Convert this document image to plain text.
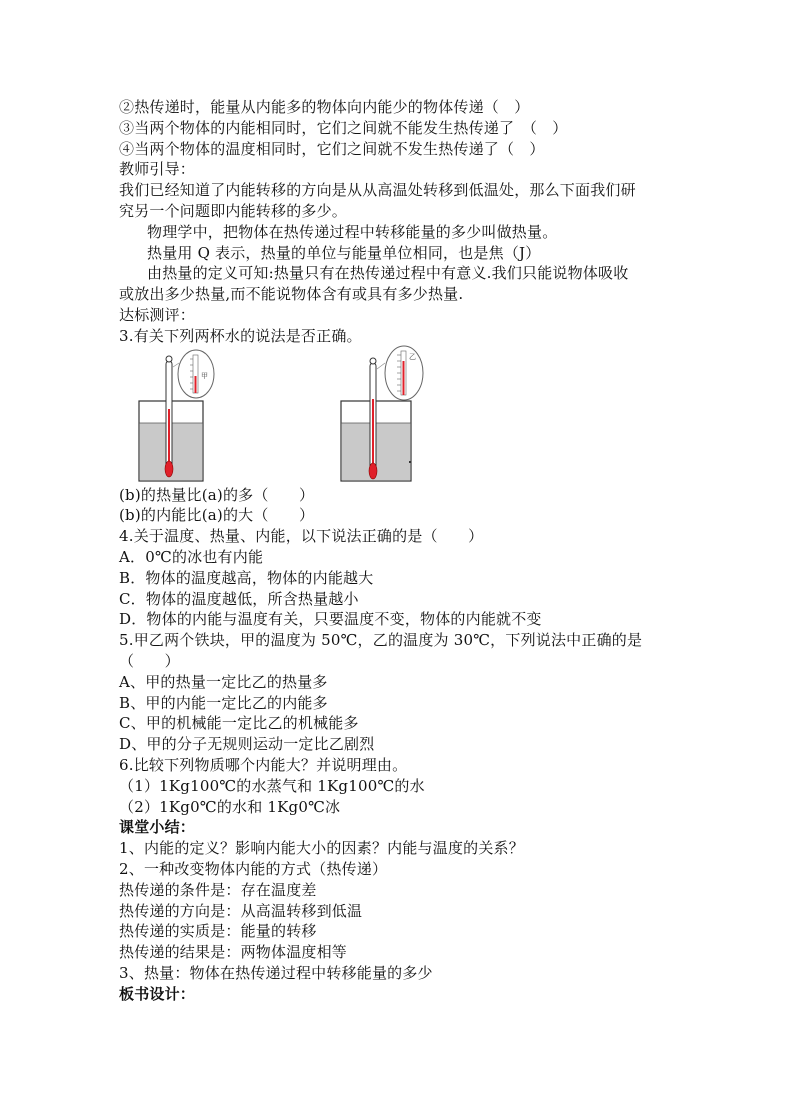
②热传递时，能量从内能多的物体向内能少的物体传递（　）
③当两个物体的内能相同时，它们之间就不能发生热传递了　（　）
④当两个物体的温度相同时，它们之间就不发生热传递了（　）
教师引导：
我们已经知道了内能转移的方向是从从高温处转移到低温处，那么下面我们研
究另一个问题即内能转移的多少。
物理学中，把物体在热传递过程中转移能量的多少叫做热量。
热量用 Q 表示，热量的单位与能量单位相同，也是焦（J）
由热量的定义可知:热量只有在热传递过程中有意义.我们只能说物体吸收
或放出多少热量,而不能说物体含有或具有多少热量.
达标测评：
3.有关下列两杯水的说法是否正确。
甲
乙
(b)的热量比(a)的多（　　）
(b)的内能比(a)的大（　　）
4.关于温度、热量、内能，以下说法正确的是（　　）
A．0℃的冰也有内能
B．物体的温度越高，物体的内能越大
C．物体的温度越低，所含热量越小
D．物体的内能与温度有关，只要温度不变，物体的内能就不变
5.甲乙两个铁块，甲的温度为 50℃，乙的温度为 30℃，下列说法中正确的是
（　　）
A、甲的热量一定比乙的热量多
B、甲的内能一定比乙的内能多
C、甲的机械能一定比乙的机械能多
D、甲的分子无规则运动一定比乙剧烈
6.比较下列物质哪个内能大？并说明理由。
（1）1Kg100℃的水蒸气和 1Kg100℃的水
（2）1Kg0℃的水和 1Kg0℃冰
课堂小结：
1、内能的定义？影响内能大小的因素？内能与温度的关系？
2、一种改变物体内能的方式（热传递）
热传递的条件是：存在温度差
热传递的方向是：从高温转移到低温
热传递的实质是：能量的转移
热传递的结果是：两物体温度相等
3、热量：物体在热传递过程中转移能量的多少
板书设计：
